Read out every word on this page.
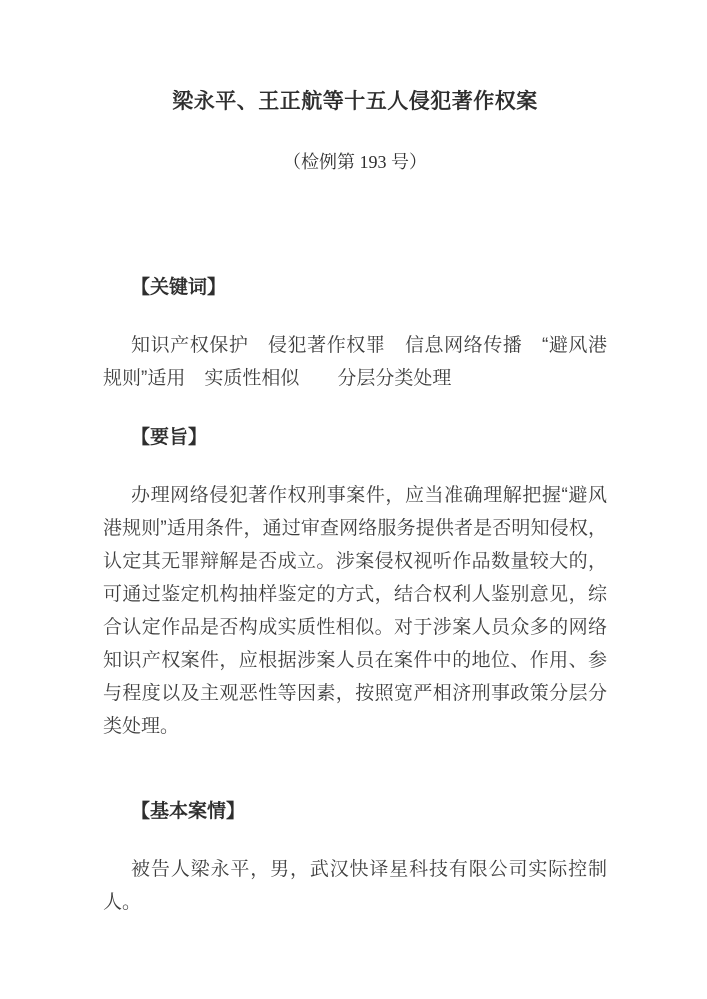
梁永平、王正航等十五人侵犯著作权案

（检例第 193 号）

【关键词】

知识产权保护　侵犯著作权罪　信息网络传播　“避风港规则”适用　实质性相似　　分层分类处理

【要旨】

办理网络侵犯著作权刑事案件，应当准确理解把握“避风港规则”适用条件，通过审查网络服务提供者是否明知侵权，认定其无罪辩解是否成立。涉案侵权视听作品数量较大的，可通过鉴定机构抽样鉴定的方式，结合权利人鉴别意见，综合认定作品是否构成实质性相似。对于涉案人员众多的网络知识产权案件，应根据涉案人员在案件中的地位、作用、参与程度以及主观恶性等因素，按照宽严相济刑事政策分层分类处理。

【基本案情】

被告人梁永平，男，武汉快译星科技有限公司实际控制人。
